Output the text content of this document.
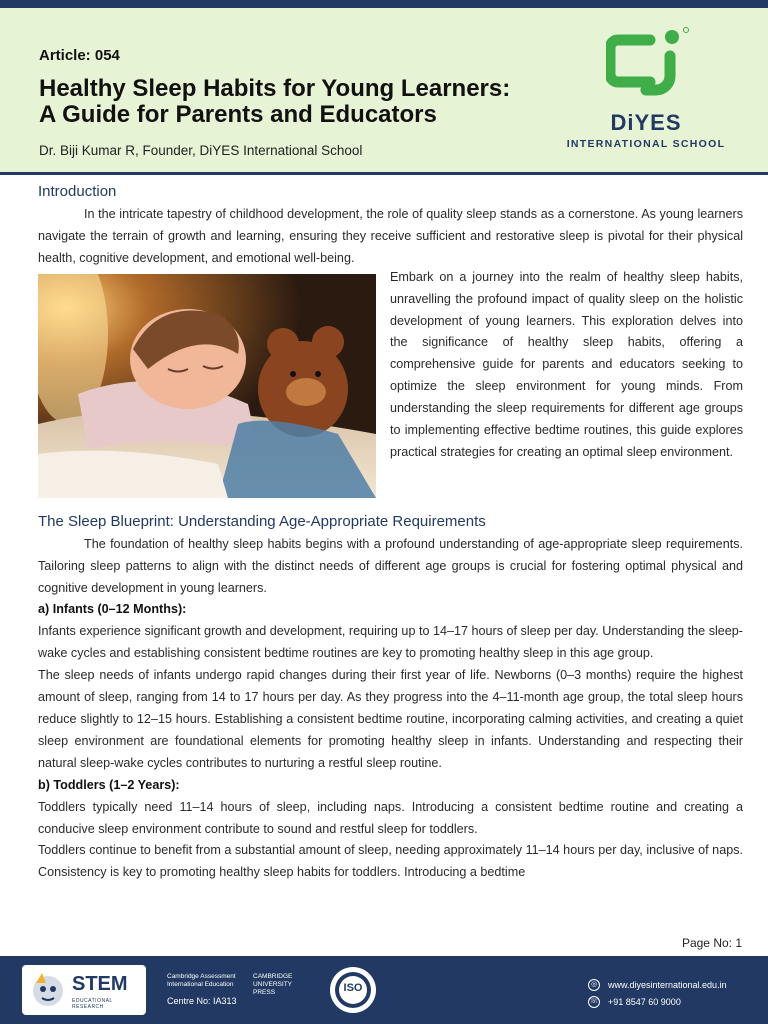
Article: 054
Healthy Sleep Habits for Young Learners:
A Guide for Parents and Educators
Dr. Biji Kumar R, Founder, DiYES International School
DiYES
INTERNATIONAL SCHOOL
Introduction

In the intricate tapestry of childhood development, the role of quality sleep stands as a cornerstone. As young learners navigate the terrain of growth and learning, ensuring they receive sufficient and restorative sleep is pivotal for their physical health, cognitive development, and emotional well-being.

Embark on a journey into the realm of healthy sleep habits, unravelling the profound impact of quality sleep on the holistic development of young learners. This exploration delves into the significance of healthy sleep habits, offering a comprehensive guide for parents and educators seeking to optimize the sleep environment for young minds. From understanding the sleep requirements for different age groups to implementing effective bedtime routines, this guide explores practical strategies for creating an optimal sleep environment.

The Sleep Blueprint: Understanding Age-Appropriate Requirements

The foundation of healthy sleep habits begins with a profound understanding of age-appropriate sleep requirements. Tailoring sleep patterns to align with the distinct needs of different age groups is crucial for fostering optimal physical and cognitive development in young learners.

a) Infants (0–12 Months):

Infants experience significant growth and development, requiring up to 14–17 hours of sleep per day. Understanding the sleep-wake cycles and establishing consistent bedtime routines are key to promoting healthy sleep in this age group.

The sleep needs of infants undergo rapid changes during their first year of life. Newborns (0–3 months) require the highest amount of sleep, ranging from 14 to 17 hours per day. As they progress into the 4–11-month age group, the total sleep hours reduce slightly to 12–15 hours. Establishing a consistent bedtime routine, incorporating calming activities, and creating a quiet sleep environment are foundational elements for promoting healthy sleep in infants. Understanding and respecting their natural sleep-wake cycles contributes to nurturing a restful sleep routine.

b) Toddlers (1–2 Years):

Toddlers typically need 11–14 hours of sleep, including naps. Introducing a consistent bedtime routine and creating a conducive sleep environment contribute to sound and restful sleep for toddlers.

Toddlers continue to benefit from a substantial amount of sleep, needing approximately 11–14 hours per day, inclusive of naps. Consistency is key to promoting healthy sleep habits for toddlers. Introducing a bedtime

Page No: 1
STEM
EDUCATIONAL RESEARCH
Cambridge Assessment International Education
CAMBRIDGE UNIVERSITY PRESS
Centre No: IA313
ISO	◎	www.diyesinternational.edu.in
☏ +91 8547 60 9000
